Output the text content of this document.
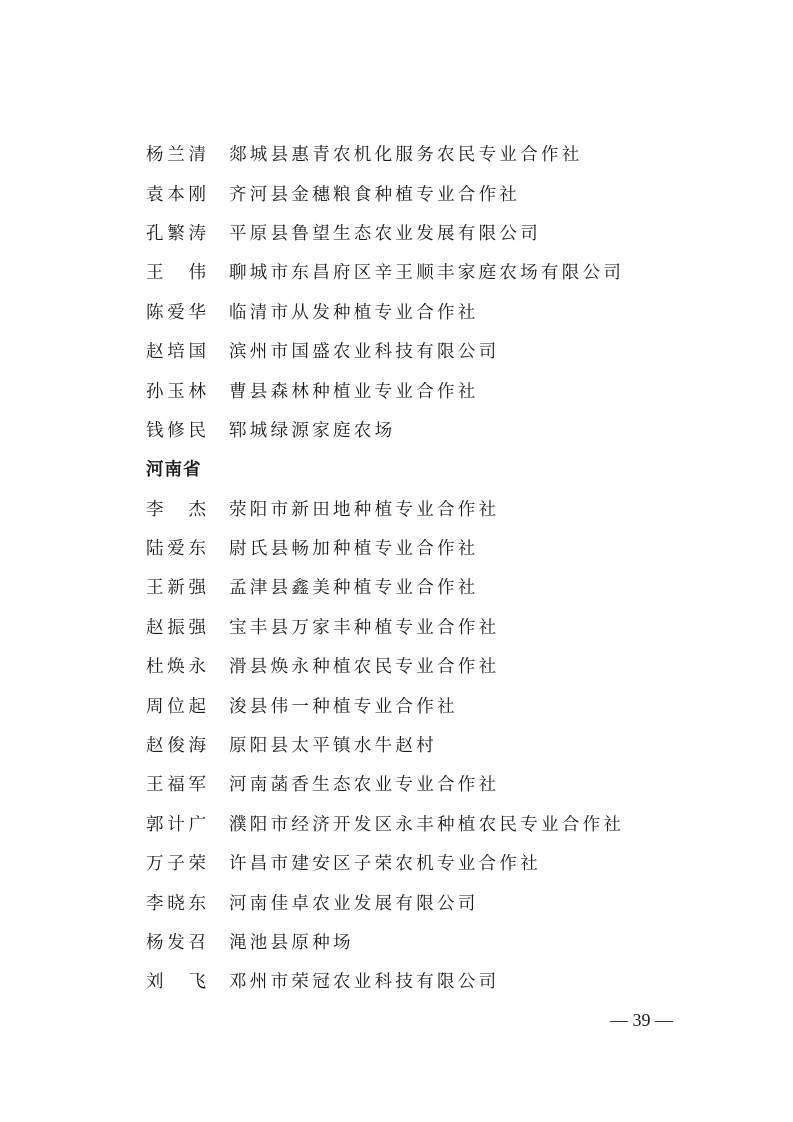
杨兰清 郯城县惠青农机化服务农民专业合作社
袁本刚 齐河县金穗粮食种植专业合作社
孔繁涛 平原县鲁望生态农业发展有限公司
王 伟 聊城市东昌府区辛王顺丰家庭农场有限公司
陈爱华 临清市从发种植专业合作社
赵培国 滨州市国盛农业科技有限公司
孙玉林 曹县森林种植业专业合作社
钱修民 郓城绿源家庭农场
河南省
李 杰 荥阳市新田地种植专业合作社
陆爱东 尉氏县畅加种植专业合作社
王新强 孟津县鑫美种植专业合作社
赵振强 宝丰县万家丰种植专业合作社
杜焕永 滑县焕永种植农民专业合作社
周位起 浚县伟一种植专业合作社
赵俊海 原阳县太平镇水牛赵村
王福军 河南菡香生态农业专业合作社
郭计广 濮阳市经济开发区永丰种植农民专业合作社
万子荣 许昌市建安区子荣农机专业合作社
李晓东 河南佳卓农业发展有限公司
杨发召 渑池县原种场
刘 飞 邓州市荣冠农业科技有限公司
— 39 —
